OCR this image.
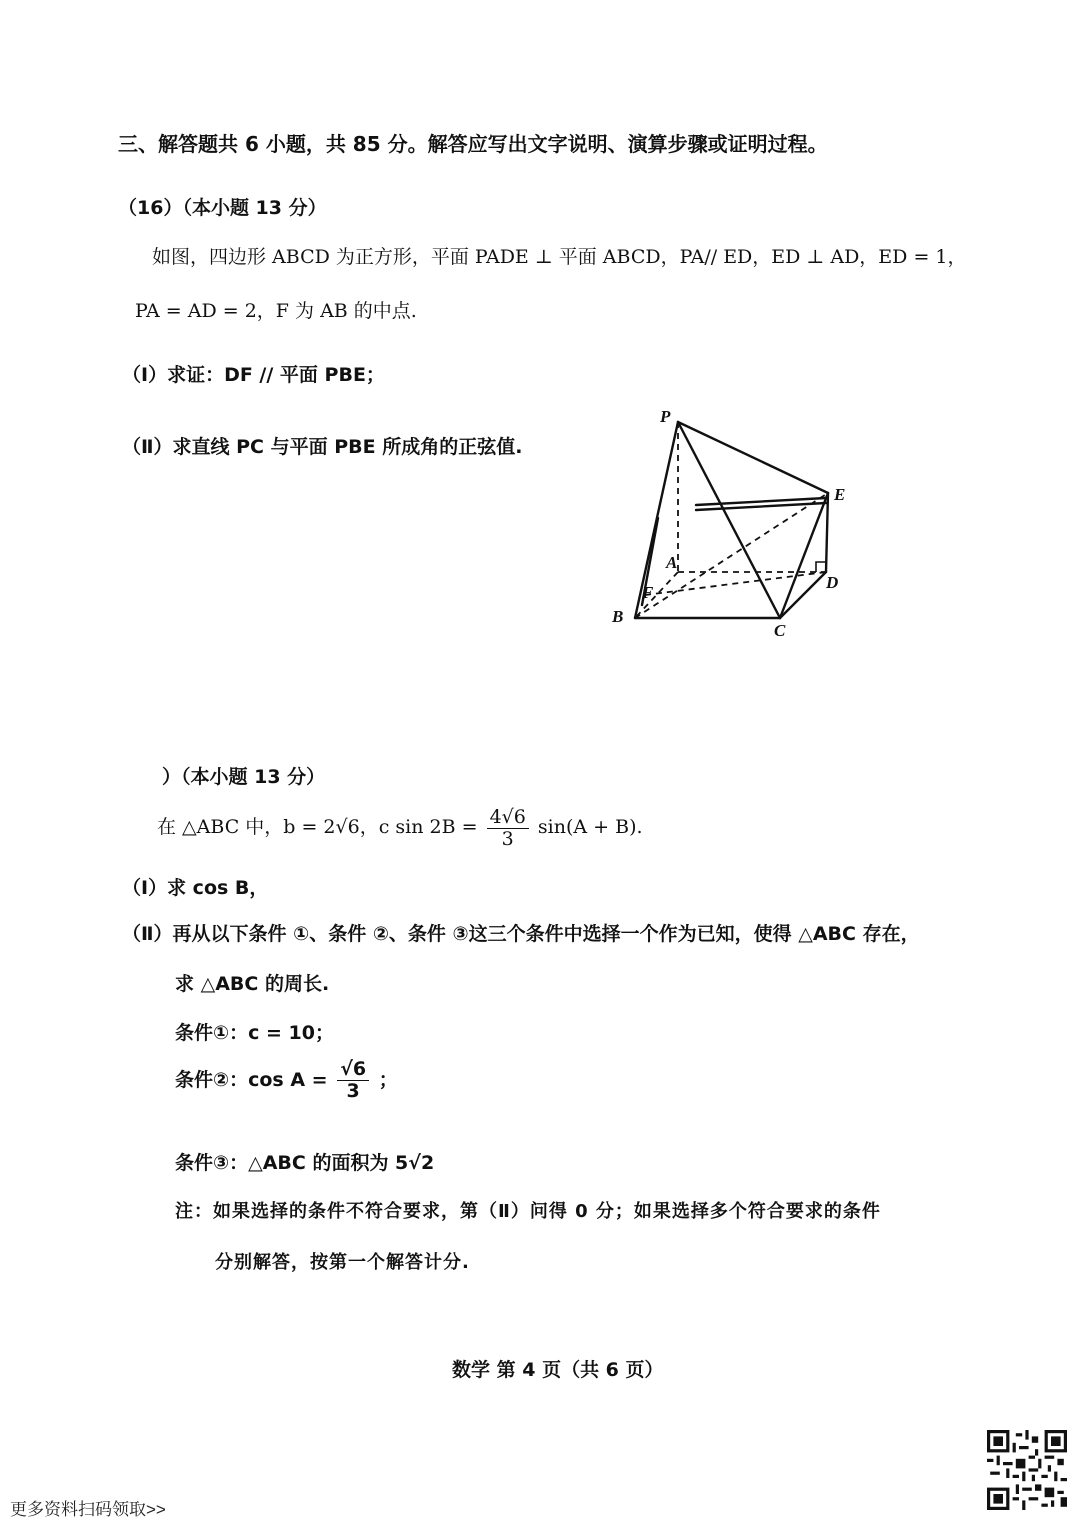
三、解答题共 6 小题，共 85 分。解答应写出文字说明、演算步骤或证明过程。
（16）（本小题 13 分）
如图，四边形 ABCD 为正方形，平面 PADE ⊥ 平面 ABCD，PA// ED，ED ⊥ AD，ED = 1，
PA = AD = 2，F 为 AB 的中点.
（Ⅰ）求证：DF // 平面 PBE；
（Ⅱ）求直线 PC 与平面 PBE 所成角的正弦值.
P
E
A
D
F
B
C
）（本小题 13 分）
在 △ABC 中，b = 2√6，c $\sin 2B = \frac{4√6}{3} \sin(A + B)$.
（Ⅰ）求 cos B，
（Ⅱ）再从以下条件 ①、条件 ②、条件 ③这三个条件中选择一个作为已知，使得 △ABC 存在，
求 △ABC 的周长.
条件①：c = 10；
条件②：$\cos A = \frac{√6}{3}$ ；
条件③：△ABC 的面积为 5√2
注：如果选择的条件不符合要求，第（Ⅱ）问得 0 分；如果选择多个符合要求的条件
分别解答，按第一个解答计分.
数学 第 4 页（共 6 页）
更多资料扫码领取>>
